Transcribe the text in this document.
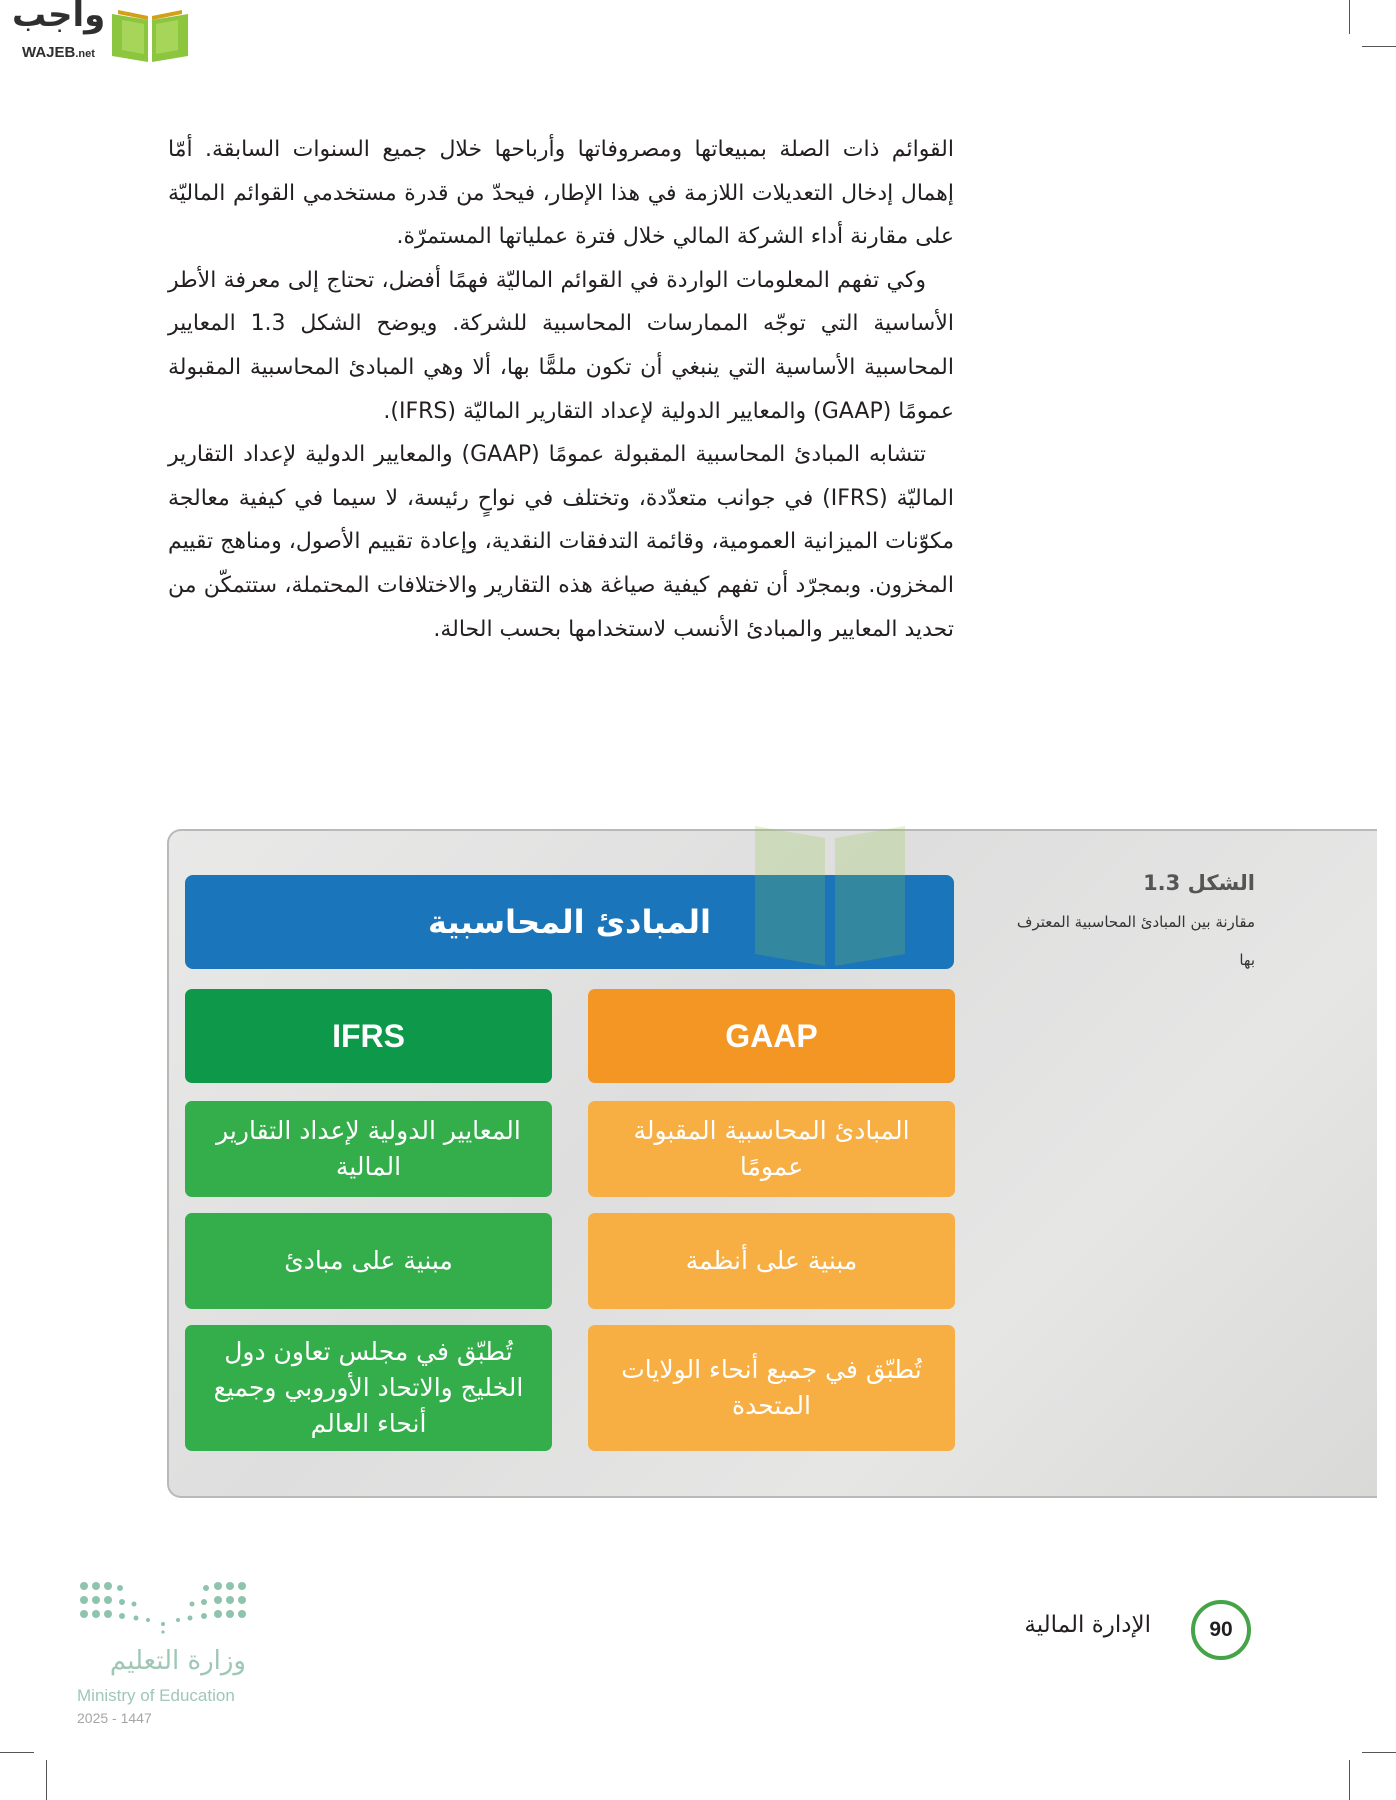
واجب
WAJEB.net

القوائم ذات الصلة بمبيعاتها ومصروفاتها وأرباحها خلال جميع السنوات السابقة. أمّا إهمال إدخال التعديلات اللازمة في هذا الإطار، فيحدّ من قدرة مستخدمي القوائم الماليّة على مقارنة أداء الشركة المالي خلال فترة عملياتها المستمرّة.

وكي تفهم المعلومات الواردة في القوائم الماليّة فهمًا أفضل، تحتاج إلى معرفة الأطر الأساسية التي توجّه الممارسات المحاسبية للشركة. ويوضح الشكل 1.3 المعايير المحاسبية الأساسية التي ينبغي أن تكون ملمًّا بها، ألا وهي المبادئ المحاسبية المقبولة عمومًا (GAAP) والمعايير الدولية لإعداد التقارير الماليّة (IFRS).

تتشابه المبادئ المحاسبية المقبولة عمومًا (GAAP) والمعايير الدولية لإعداد التقارير الماليّة (IFRS) في جوانب متعدّدة، وتختلف في نواحٍ رئيسة، لا سيما في كيفية معالجة مكوّنات الميزانية العمومية، وقائمة التدفقات النقدية، وإعادة تقييم الأصول، ومناهج تقييم المخزون. وبمجرّد أن تفهم كيفية صياغة هذه التقارير والاختلافات المحتملة، ستتمكّن من تحديد المعايير والمبادئ الأنسب لاستخدامها بحسب الحالة.

الشكل 1.3
مقارنة بين المبادئ المحاسبية المعترف بها
المبادئ المحاسبية
GAAP
المبادئ المحاسبية المقبولة عمومًا
مبنية على أنظمة
تُطبّق في جميع أنحاء الولايات المتحدة
IFRS
المعايير الدولية لإعداد التقارير المالية
مبنية على مبادئ
تُطبّق في مجلس تعاون دول الخليج والاتحاد الأوروبي وجميع أنحاء العالم
90
الإدارة المالية
وزارة التعليم
Ministry of Education
2025 - 1447
